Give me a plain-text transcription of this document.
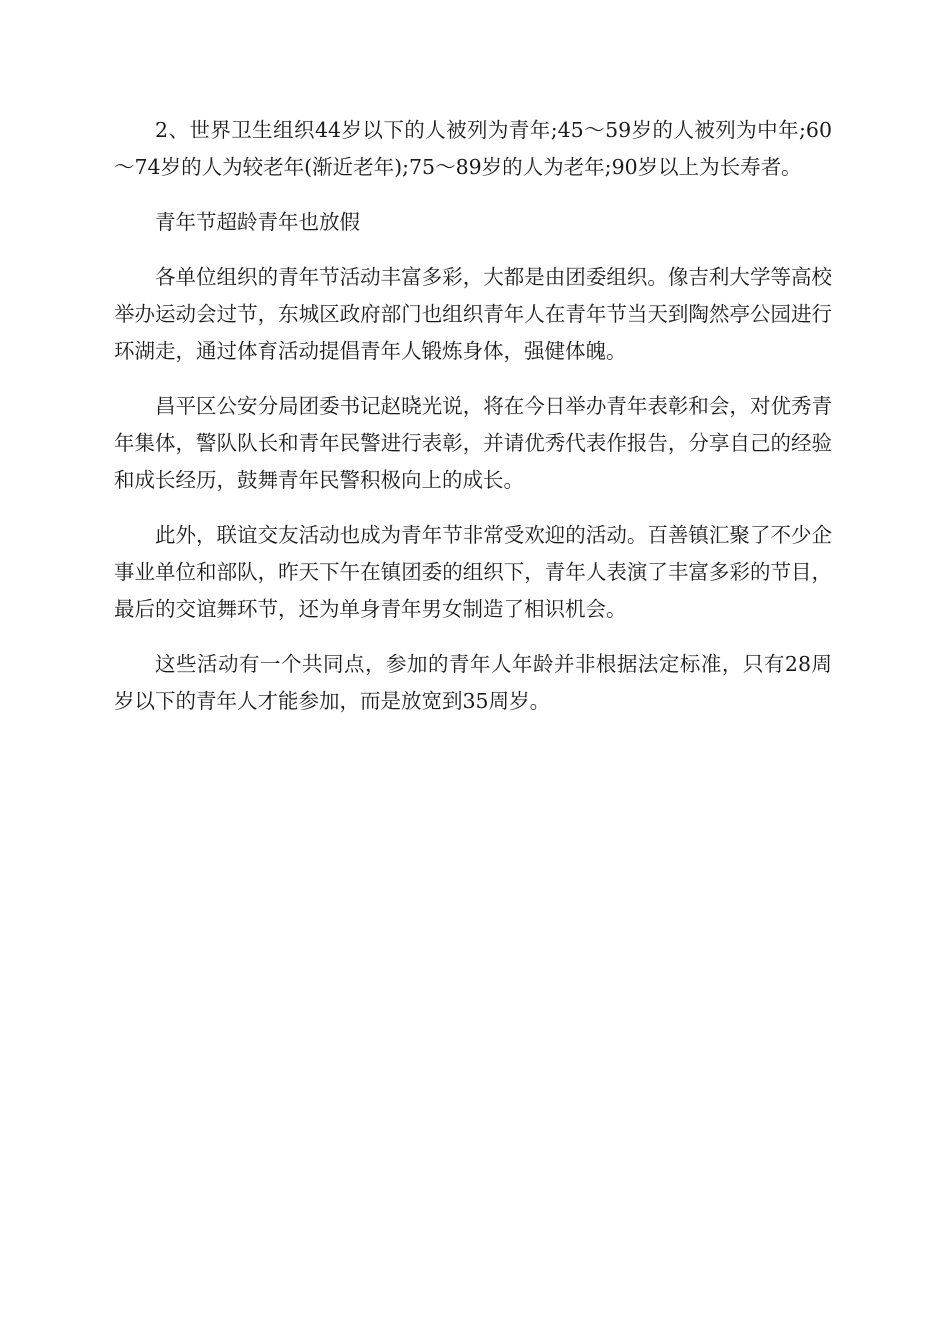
2、世界卫生组织44岁以下的人被列为青年;45～59岁的人被列为中年;60～74岁的人为较老年(渐近老年);75～89岁的人为老年;90岁以上为长寿者。

青年节超龄青年也放假

各单位组织的青年节活动丰富多彩，大都是由团委组织。像吉利大学等高校举办运动会过节，东城区政府部门也组织青年人在青年节当天到陶然亭公园进行环湖走，通过体育活动提倡青年人锻炼身体，强健体魄。

昌平区公安分局团委书记赵晓光说，将在今日举办青年表彰和会，对优秀青年集体，警队队长和青年民警进行表彰，并请优秀代表作报告，分享自己的经验和成长经历，鼓舞青年民警积极向上的成长。

此外，联谊交友活动也成为青年节非常受欢迎的活动。百善镇汇聚了不少企事业单位和部队，昨天下午在镇团委的组织下，青年人表演了丰富多彩的节目，最后的交谊舞环节，还为单身青年男女制造了相识机会。

这些活动有一个共同点，参加的青年人年龄并非根据法定标准，只有28周岁以下的青年人才能参加，而是放宽到35周岁。
